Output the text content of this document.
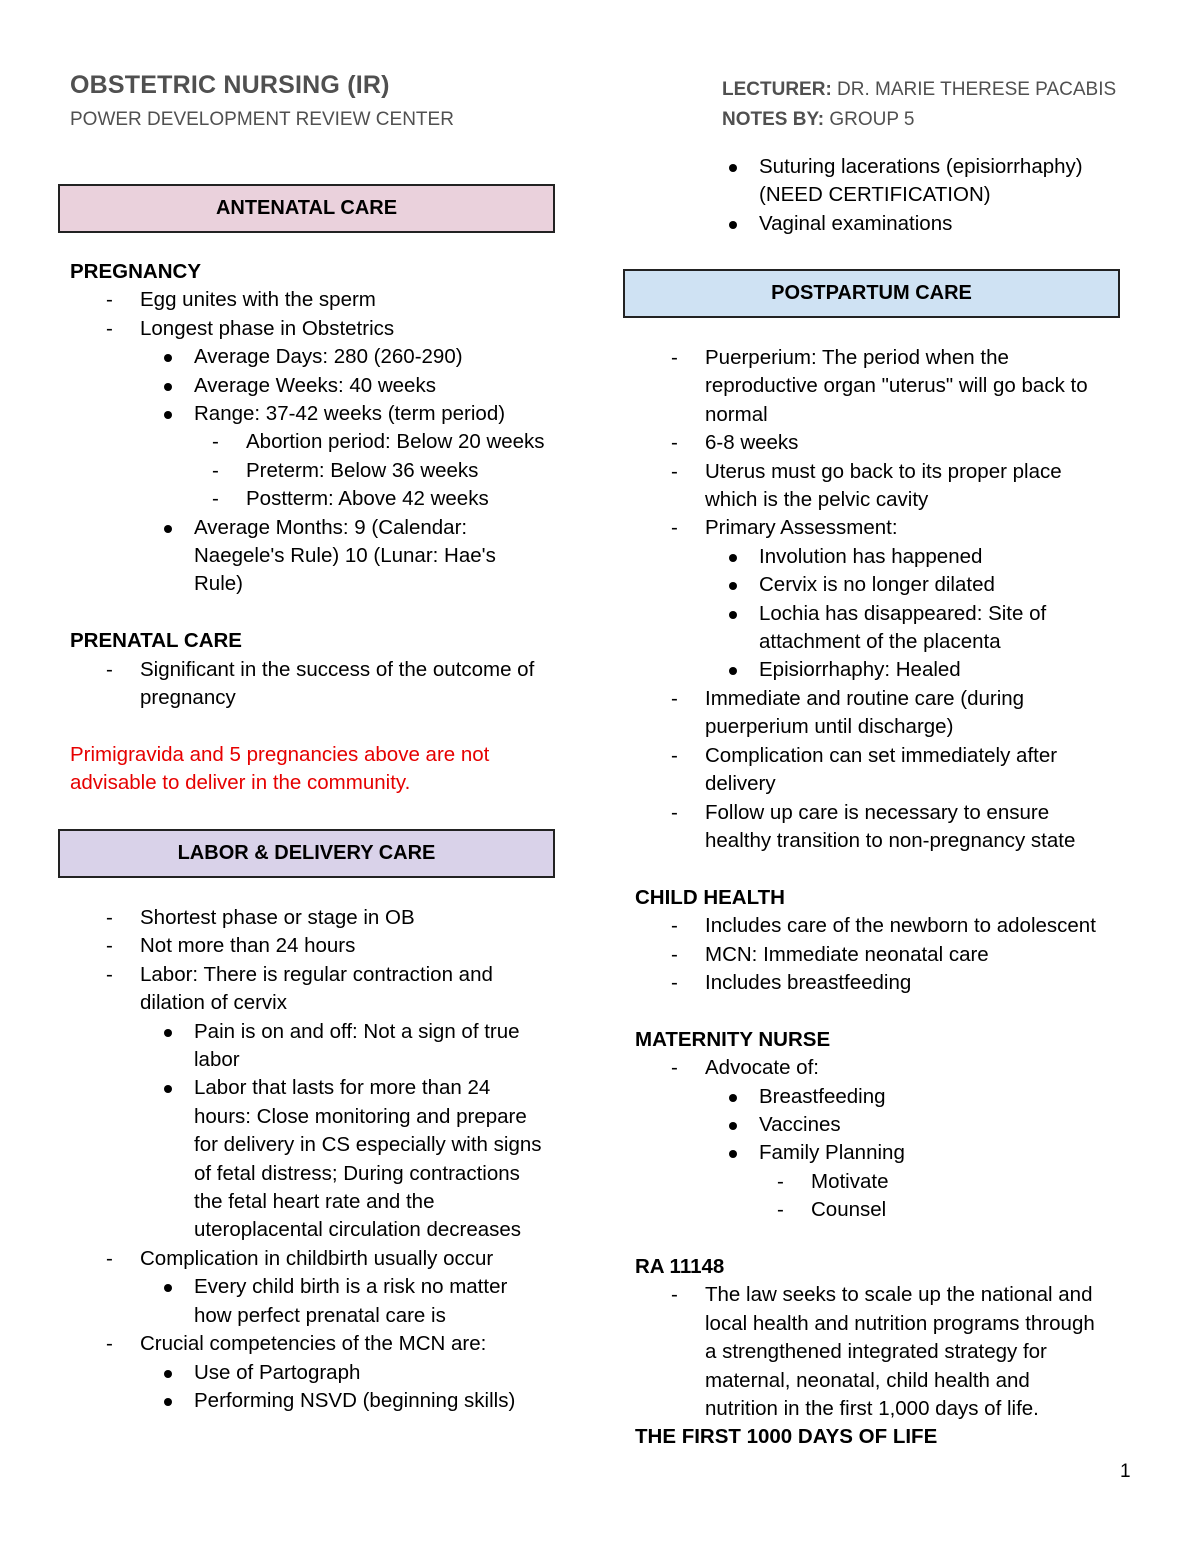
OBSTETRIC NURSING (IR)
POWER DEVELOPMENT REVIEW CENTER
LECTURER: DR. MARIE THERESE PACABIS
NOTES BY: GROUP 5
ANTENATAL CARE
LABOR & DELIVERY CARE
POSTPARTUM CARE
PREGNANCY
- Egg unites with the sperm
- Longest phase in Obstetrics
Average Days: 280 (260-290)
Average Weeks: 40 weeks
Range: 37-42 weeks (term period)
- Abortion period: Below 20 weeks
- Preterm: Below 36 weeks
- Postterm: Above 42 weeks
Average Months: 9 (Calendar:
Naegele's Rule) 10 (Lunar: Hae's
Rule)
PRENATAL CARE
- Significant in the success of the outcome of
pregnancy
Primigravida and 5 pregnancies above are not
advisable to deliver in the community.
- Shortest phase or stage in OB
- Not more than 24 hours
- Labor: There is regular contraction and
dilation of cervix
Pain is on and off: Not a sign of true
labor
Labor that lasts for more than 24
hours: Close monitoring and prepare
for delivery in CS especially with signs
of fetal distress; During contractions
the fetal heart rate and the
uteroplacental circulation decreases
- Complication in childbirth usually occur
Every child birth is a risk no matter
how perfect prenatal care is
- Crucial competencies of the MCN are:
Use of Partograph
Performing NSVD (beginning skills)
Suturing lacerations (episiorrhaphy)
(NEED CERTIFICATION)
Vaginal examinations
- Puerperium: The period when the
reproductive organ "uterus" will go back to
normal
- 6-8 weeks
- Uterus must go back to its proper place
which is the pelvic cavity
- Primary Assessment:
Involution has happened
Cervix is no longer dilated
Lochia has disappeared: Site of
attachment of the placenta
Episiorrhaphy: Healed
- Immediate and routine care (during
puerperium until discharge)
- Complication can set immediately after
delivery
- Follow up care is necessary to ensure
healthy transition to non-pregnancy state
CHILD HEALTH
- Includes care of the newborn to adolescent
- MCN: Immediate neonatal care
- Includes breastfeeding
MATERNITY NURSE
- Advocate of:
Breastfeeding
Vaccines
Family Planning
- Motivate
- Counsel
RA 11148
- The law seeks to scale up the national and
local health and nutrition programs through
a strengthened integrated strategy for
maternal, neonatal, child health and
nutrition in the first 1,000 days of life.
THE FIRST 1000 DAYS OF LIFE
1
